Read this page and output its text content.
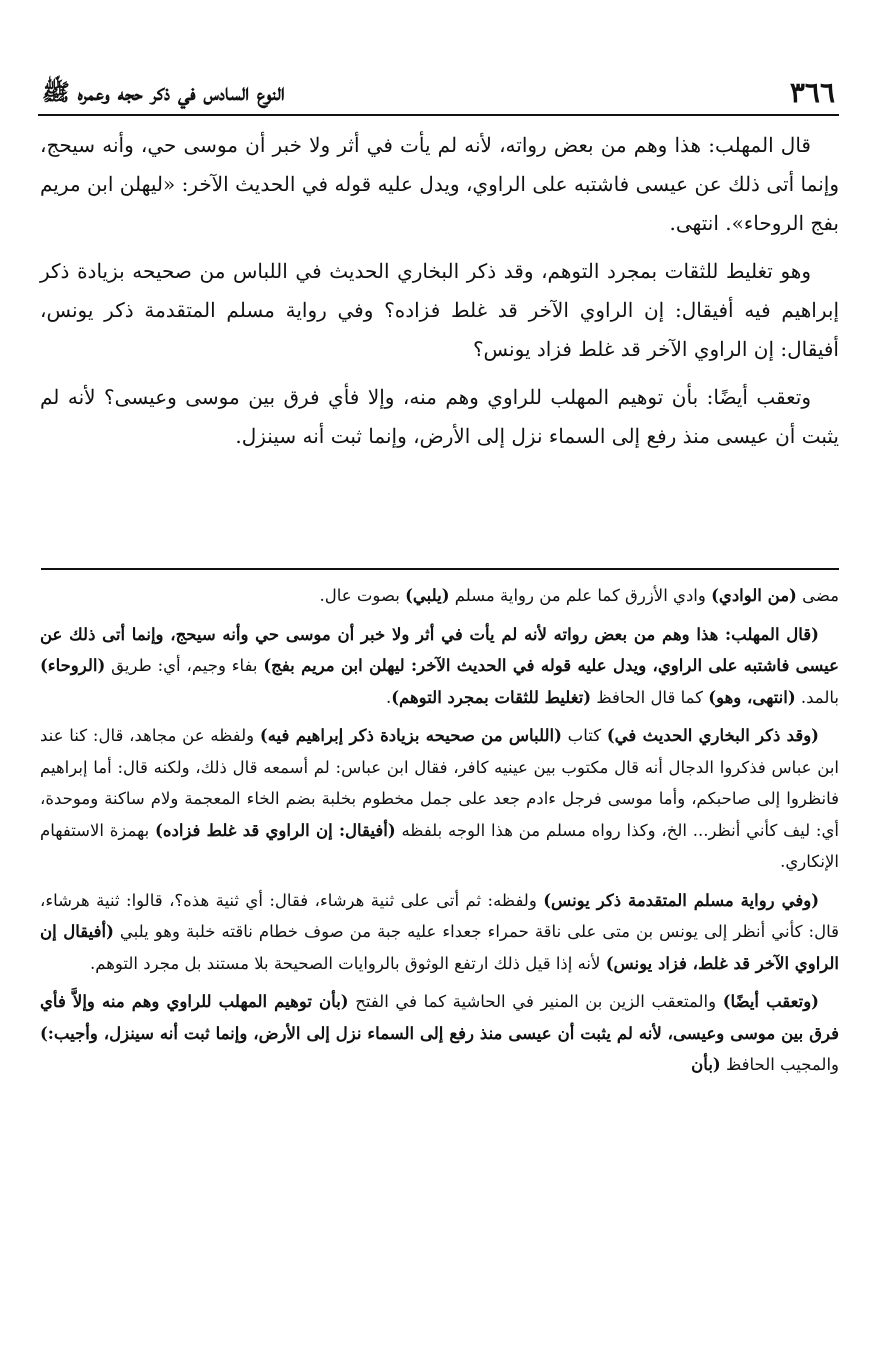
٣٦٦
النوع السادس في ذكر حجه وعمره ﷺ

قال المهلب: هذا وهم من بعض رواته، لأنه لم يأت في أثر ولا خبر أن موسى حي، وأنه سيحج، وإنما أتى ذلك عن عيسى فاشتبه على الراوي، ويدل عليه قوله في الحديث الآخر: «ليهلن ابن مريم بفج الروحاء». انتهى.

وهو تغليط للثقات بمجرد التوهم، وقد ذكر البخاري الحديث في اللباس من صحيحه بزيادة ذكر إبراهيم فيه أفيقال: إن الراوي الآخر قد غلط فزاده؟ وفي رواية مسلم المتقدمة ذكر يونس، أفيقال: إن الراوي الآخر قد غلط فزاد يونس؟

وتعقب أيضًا: بأن توهيم المهلب للراوي وهم منه، وإلا فأي فرق بين موسى وعيسى؟ لأنه لم يثبت أن عيسى منذ رفع إلى السماء نزل إلى الأرض، وإنما ثبت أنه سينزل.

مضى (من الوادي) وادي الأزرق كما علم من رواية مسلم (يلبي) بصوت عال.

(قال المهلب: هذا وهم من بعض رواته لأنه لم يأت في أثر ولا خبر أن موسى حي وأنه سيحج، وإنما أتى ذلك عن عيسى فاشتبه على الراوي، ويدل عليه قوله في الحديث الآخر: ليهلن ابن مريم بفج) بفاء وجيم، أي: طريق (الروحاء) بالمد. (انتهى، وهو) كما قال الحافظ (تغليط للثقات بمجرد التوهم).

(وقد ذكر البخاري الحديث في) كتاب (اللباس من صحيحه بزيادة ذكر إبراهيم فيه) ولفظه عن مجاهد، قال: كنا عند ابن عباس فذكروا الدجال أنه قال مكتوب بين عينيه كافر، فقال ابن عباس: لم أسمعه قال ذلك، ولكنه قال: أما إبراهيم فانظروا إلى صاحبكم، وأما موسى فرجل ءادم جعد على جمل مخطوم بخلبة بضم الخاء المعجمة ولام ساكنة وموحدة، أي: ليف كأني أنظر... الخ، وكذا رواه مسلم من هذا الوجه بلفظه (أفيقال: إن الراوي قد غلط فزاده) بهمزة الاستفهام الإنكاري.

(وفي رواية مسلم المتقدمة ذكر يونس) ولفظه: ثم أتى على ثنية هرشاء، فقال: أي ثنية هذه؟، قالوا: ثنية هرشاء، قال: كأني أنظر إلى يونس بن متى على ناقة حمراء جعداء عليه جبة من صوف خطام ناقته خلبة وهو يلبي (أفيقال إن الراوي الآخر قد غلط، فزاد يونس) لأنه إذا قيل ذلك ارتفع الوثوق بالروايات الصحيحة بلا مستند بل مجرد التوهم.

(وتعقب أيضًا) والمتعقب الزين بن المنير في الحاشية كما في الفتح (بأن توهيم المهلب للراوي وهم منه وإلاَّ فأي فرق بين موسى وعيسى، لأنه لم يثبت أن عيسى منذ رفع إلى السماء نزل إلى الأرض، وإنما ثبت أنه سينزل، وأجيب:) والمجيب الحافظ (بأن
